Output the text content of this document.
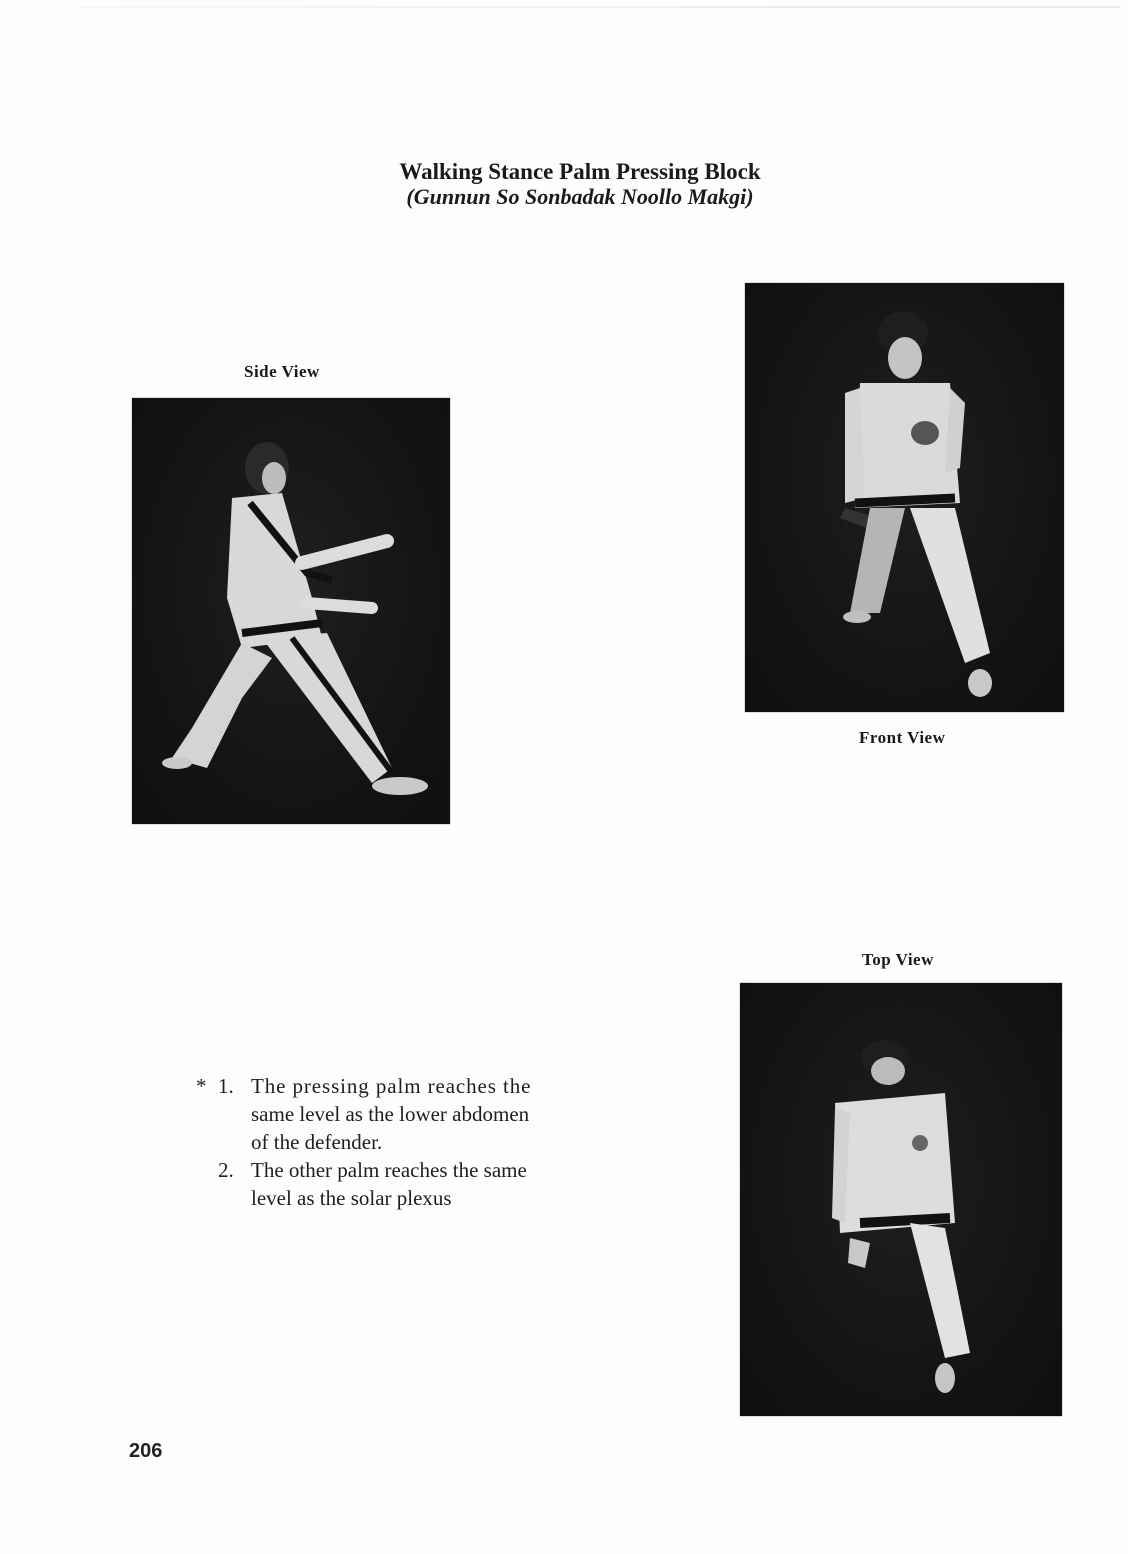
Walking Stance Palm Pressing Block
(Gunnun So Sonbadak Noollo Makgi)
Side View
Front View
Top View
* 1. The pressing palm reaches the
same level as the lower abdomen
of the defender.
2. The other palm reaches the same
level as the solar plexus
206
